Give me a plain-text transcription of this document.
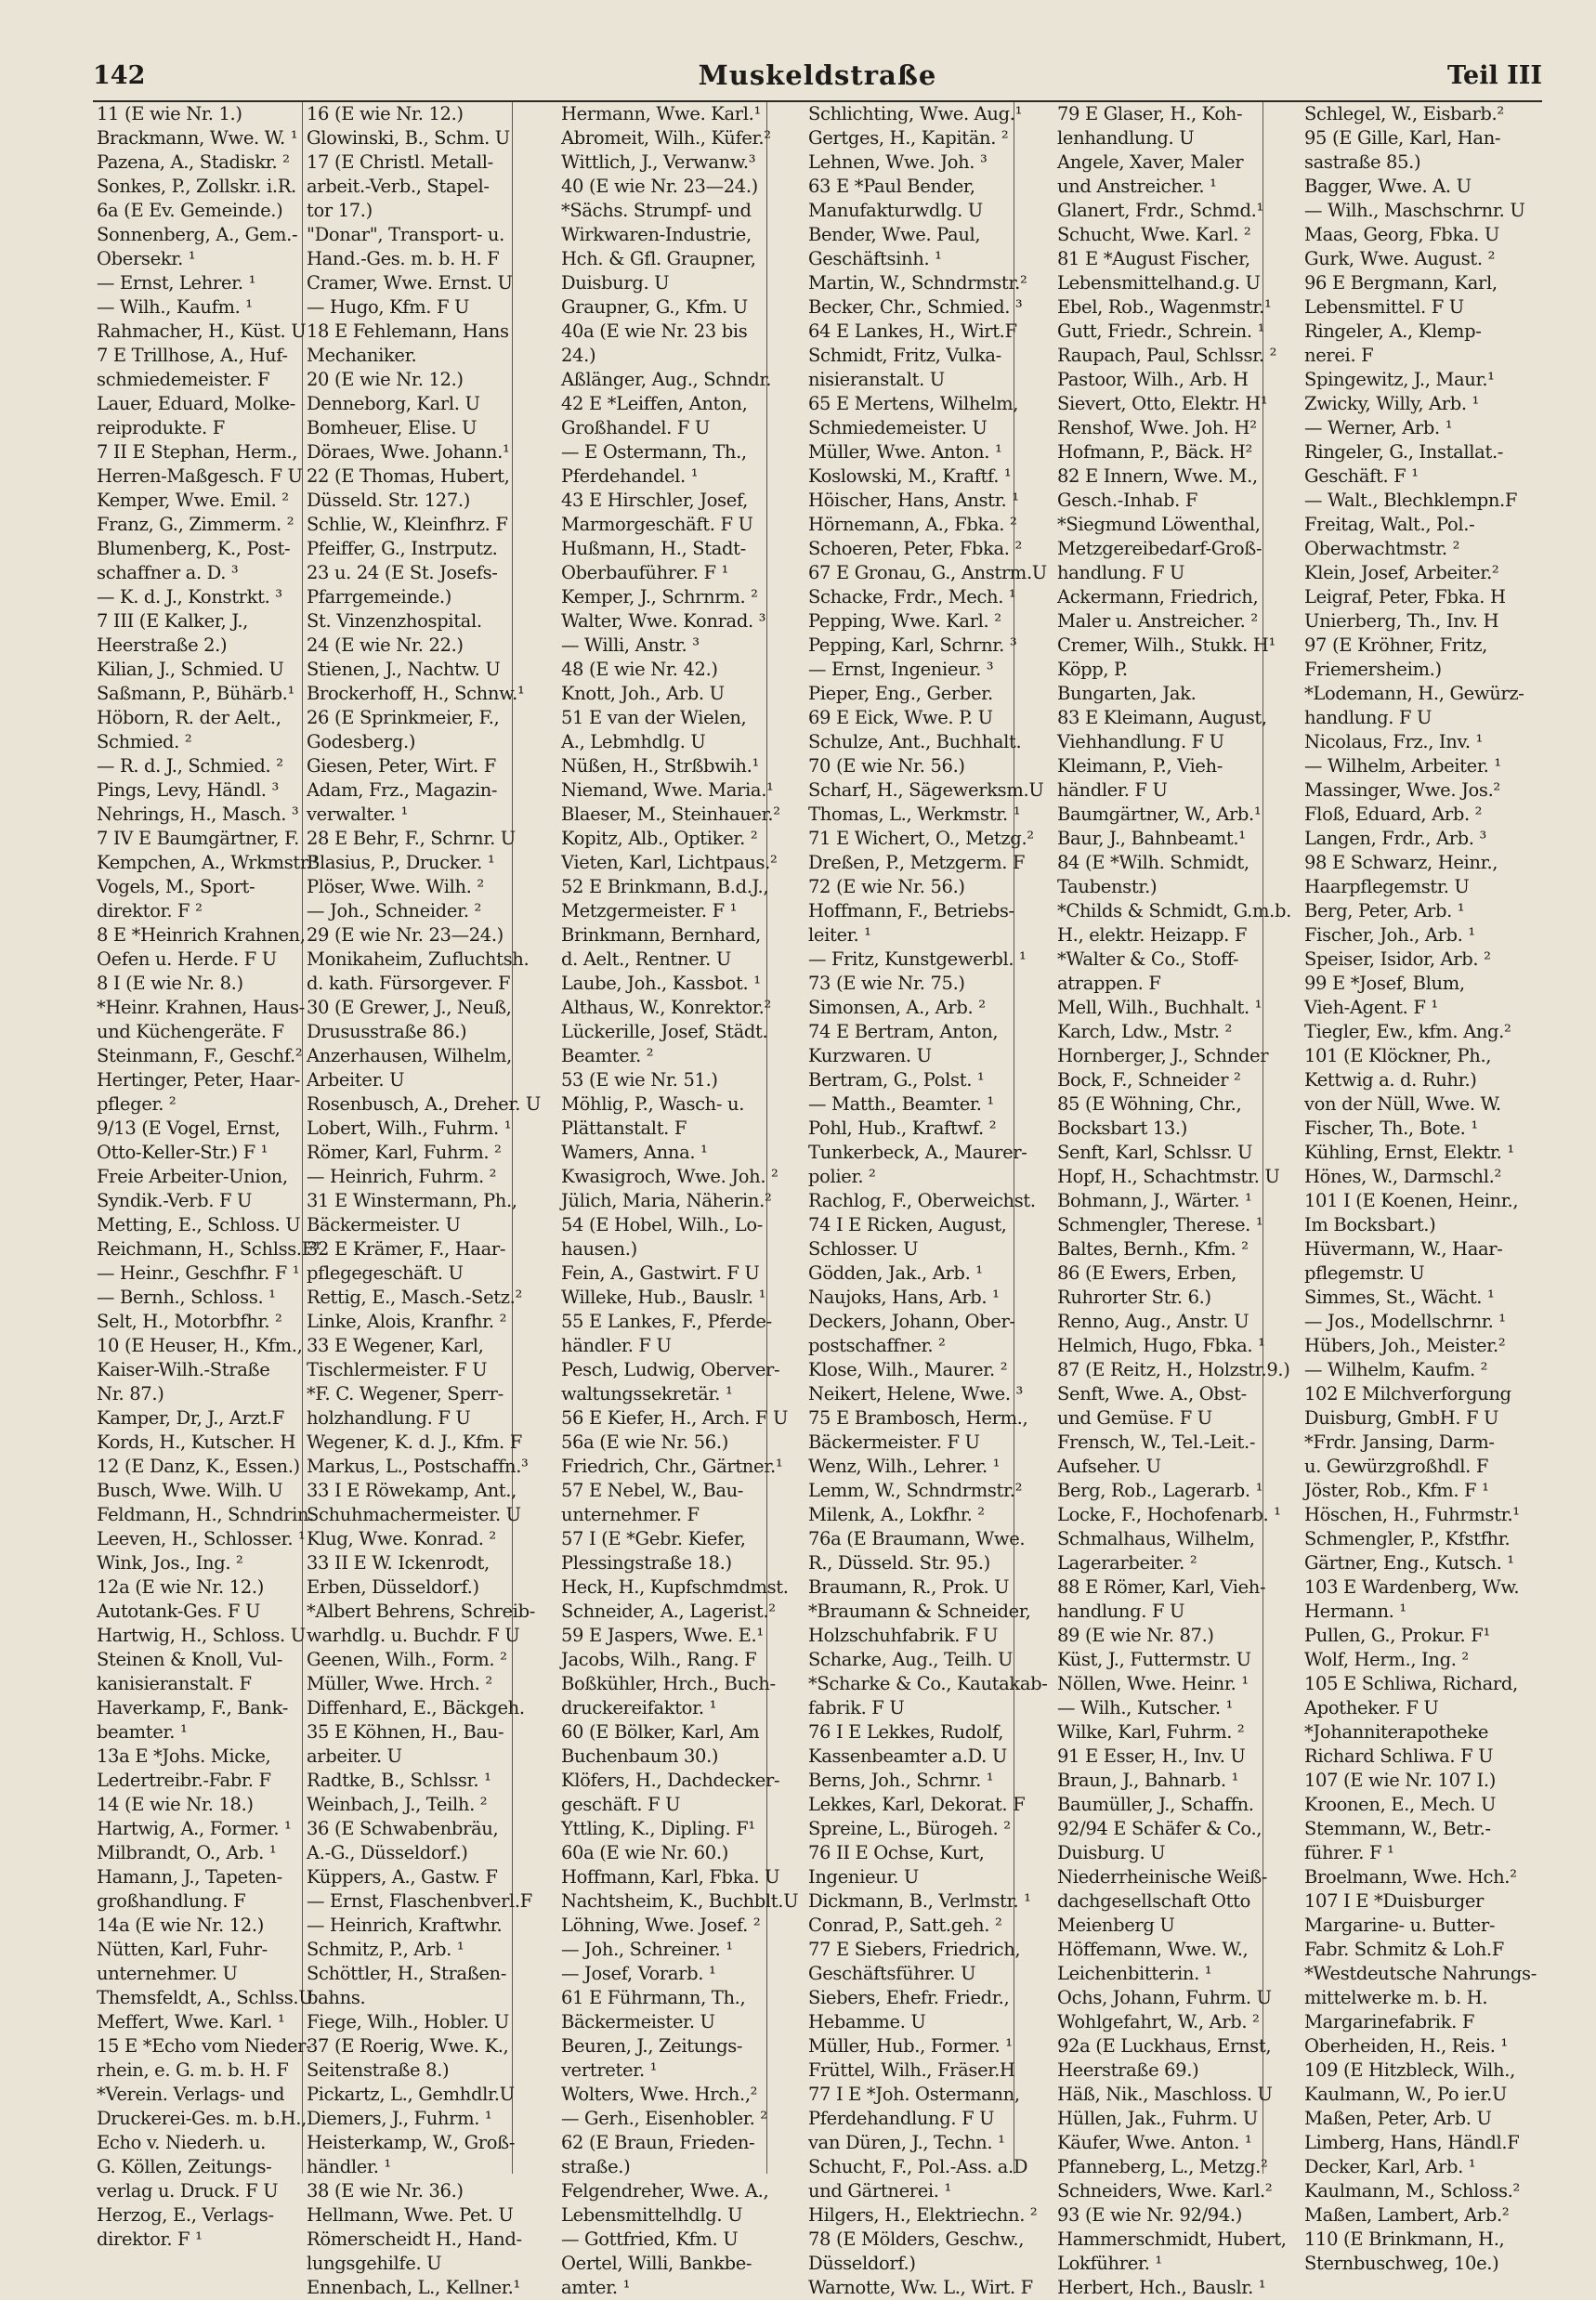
142	Muskeldstraße	Teil III
11 (E wie Nr. 1.)
Brackmann, Wwe. W. ¹
Pazena, A., Stadiskr. ²
Sonkes, P., Zollskr. i.R.
6a (E Ev. Gemeinde.)
Sonnenberg, A., Gem.-
Obersekr. ¹
— Ernst, Lehrer. ¹
— Wilh., Kaufm. ¹
Rahmacher, H., Küst. U
7 E Trillhose, A., Huf-
schmiedemeister. F
Lauer, Eduard, Molke-
reiprodukte. F
7 II E Stephan, Herm.,
Herren-Maßgesch. F U
Kemper, Wwe. Emil. ²
Franz, G., Zimmerm. ²
Blumenberg, K., Post-
schaffner a. D. ³
— K. d. J., Konstrkt. ³
7 III (E Kalker, J.,
Heerstraße 2.)
Kilian, J., Schmied. U
Saßmann, P., Bühärb.¹
Höborn, R. der Aelt.,
Schmied. ²
— R. d. J., Schmied. ²
Pings, Levy, Händl. ³
Nehrings, H., Masch. ³
7 IV E Baumgärtner, F.
Kempchen, A., Wrkmstr.¹
Vogels, M., Sport-
direktor. F ²
8 E *Heinrich Krahnen,
Oefen u. Herde. F U
8 I (E wie Nr. 8.)
*Heinr. Krahnen, Haus-
und Küchengeräte. F
Steinmann, F., Geschf.²
Hertinger, Peter, Haar-
pfleger. ²
9/13 (E Vogel, Ernst,
Otto-Keller-Str.) F ¹
Freie Arbeiter-Union,
Syndik.-Verb. F U
Metting, E., Schloss. U
Reichmann, H., Schlss.F¹
— Heinr., Geschfhr. F ¹
— Bernh., Schloss. ¹
Selt, H., Motorbfhr. ²
10 (E Heuser, H., Kfm.,
Kaiser-Wilh.-Straße
Nr. 87.)
Kamper, Dr, J., Arzt.F
Kords, H., Kutscher. H
12 (E Danz, K., Essen.)
Busch, Wwe. Wilh. U
Feldmann, H., Schndrin.
Leeven, H., Schlosser. ¹
Wink, Jos., Ing. ²
12a (E wie Nr. 12.)
Autotank-Ges. F U
Hartwig, H., Schloss. U
Steinen & Knoll, Vul-
kanisieranstalt. F
Haverkamp, F., Bank-
beamter. ¹
13a E *Johs. Micke,
Ledertreibr.-Fabr. F
14 (E wie Nr. 18.)
Hartwig, A., Former. ¹
Milbrandt, O., Arb. ¹
Hamann, J., Tapeten-
großhandlung. F
14a (E wie Nr. 12.)
Nütten, Karl, Fuhr-
unternehmer. U
Themsfeldt, A., Schlss.U
Meffert, Wwe. Karl. ¹
15 E *Echo vom Nieder-
rhein, e. G. m. b. H. F
*Verein. Verlags- und
Druckerei-Ges. m. b.H.,
Echo v. Niederh. u.
G. Köllen, Zeitungs-
verlag u. Druck. F U
Herzog, E., Verlags-
direktor. F ¹
16 (E wie Nr. 12.)
Glowinski, B., Schm. U
17 (E Christl. Metall-
arbeit.-Verb., Stapel-
tor 17.)
"Donar", Transport- u.
Hand.-Ges. m. b. H. F
Cramer, Wwe. Ernst. U
— Hugo, Kfm. F U
18 E Fehlemann, Hans
Mechaniker.
20 (E wie Nr. 12.)
Denneborg, Karl. U
Bomheuer, Elise. U
Döraes, Wwe. Johann.¹
22 (E Thomas, Hubert,
Düsseld. Str. 127.)
Schlie, W., Kleinfhrz. F
Pfeiffer, G., Instrputz.
23 u. 24 (E St. Josefs-
Pfarrgemeinde.)
St. Vinzenzhospital.
24 (E wie Nr. 22.)
Stienen, J., Nachtw. U
Brockerhoff, H., Schnw.¹
26 (E Sprinkmeier, F.,
Godesberg.)
Giesen, Peter, Wirt. F
Adam, Frz., Magazin-
verwalter. ¹
28 E Behr, F., Schrnr. U
Blasius, P., Drucker. ¹
Plöser, Wwe. Wilh. ²
— Joh., Schneider. ²
29 (E wie Nr. 23—24.)
Monikaheim, Zufluchtsh.
d. kath. Fürsorgever. F
30 (E Grewer, J., Neuß,
Drususstraße 86.)
Anzerhausen, Wilhelm,
Arbeiter. U
Rosenbusch, A., Dreher. U
Lobert, Wilh., Fuhrm. ¹
Römer, Karl, Fuhrm. ²
— Heinrich, Fuhrm. ²
31 E Winstermann, Ph.,
Bäckermeister. U
32 E Krämer, F., Haar-
pflegegeschäft. U
Rettig, E., Masch.-Setz.²
Linke, Alois, Kranfhr. ²
33 E Wegener, Karl,
Tischlermeister. F U
*F. C. Wegener, Sperr-
holzhandlung. F U
Wegener, K. d. J., Kfm. F
Markus, L., Postschaffn.³
33 I E Röwekamp, Ant.,
Schuhmachermeister. U
Klug, Wwe. Konrad. ²
33 II E W. Ickenrodt,
Erben, Düsseldorf.)
*Albert Behrens, Schreib-
warhdlg. u. Buchdr. F U
Geenen, Wilh., Form. ²
Müller, Wwe. Hrch. ²
Diffenhard, E., Bäckgeh.
35 E Köhnen, H., Bau-
arbeiter. U
Radtke, B., Schlssr. ¹
Weinbach, J., Teilh. ²
36 (E Schwabenbräu,
A.-G., Düsseldorf.)
Küppers, A., Gastw. F
— Ernst, Flaschenbverl.F
— Heinrich, Kraftwhr.
Schmitz, P., Arb. ¹
Schöttler, H., Straßen-
bahns.
Fiege, Wilh., Hobler. U
37 (E Roerig, Wwe. K.,
Seitenstraße 8.)
Pickartz, L., Gemhdlr.U
Diemers, J., Fuhrm. ¹
Heisterkamp, W., Groß-
händler. ¹
38 (E wie Nr. 36.)
Hellmann, Wwe. Pet. U
Römerscheidt H., Hand-
lungsgehilfe. U
Ennenbach, L., Kellner.¹
Hermann, Wwe. Karl.¹
Abromeit, Wilh., Küfer.²
Wittlich, J., Verwanw.³
40 (E wie Nr. 23—24.)
*Sächs. Strumpf- und
Wirkwaren-Industrie,
Hch. & Gfl. Graupner,
Duisburg. U
Graupner, G., Kfm. U
40a (E wie Nr. 23 bis
24.)
Aßlänger, Aug., Schndr.
42 E *Leiffen, Anton,
Großhandel. F U
— E Ostermann, Th.,
Pferdehandel. ¹
43 E Hirschler, Josef,
Marmorgeschäft. F U
Hußmann, H., Stadt-
Oberbauführer. F ¹
Kemper, J., Schrnrm. ²
Walter, Wwe. Konrad. ³
— Willi, Anstr. ³
48 (E wie Nr. 42.)
Knott, Joh., Arb. U
51 E van der Wielen,
A., Lebmhdlg. U
Nüßen, H., Strßbwih.¹
Niemand, Wwe. Maria.¹
Blaeser, M., Steinhauer.²
Kopitz, Alb., Optiker. ²
Vieten, Karl, Lichtpaus.²
52 E Brinkmann, B.d.J.,
Metzgermeister. F ¹
Brinkmann, Bernhard,
d. Aelt., Rentner. U
Laube, Joh., Kassbot. ¹
Althaus, W., Konrektor.²
Lückerille, Josef, Städt.
Beamter. ²
53 (E wie Nr. 51.)
Möhlig, P., Wasch- u.
Plättanstalt. F
Wamers, Anna. ¹
Kwasigroch, Wwe. Joh. ²
Jülich, Maria, Näherin.²
54 (E Hobel, Wilh., Lo-
hausen.)
Fein, A., Gastwirt. F U
Willeke, Hub., Bauslr. ¹
55 E Lankes, F., Pferde-
händler. F U
Pesch, Ludwig, Oberver-
waltungssekretär. ¹
56 E Kiefer, H., Arch. F U
56a (E wie Nr. 56.)
Friedrich, Chr., Gärtner.¹
57 E Nebel, W., Bau-
unternehmer. F
57 I (E *Gebr. Kiefer,
Plessingstraße 18.)
Heck, H., Kupfschmdmst.
Schneider, A., Lagerist.²
59 E Jaspers, Wwe. E.¹
Jacobs, Wilh., Rang. F
Boßkühler, Hrch., Buch-
druckereifaktor. ¹
60 (E Bölker, Karl, Am
Buchenbaum 30.)
Klöfers, H., Dachdecker-
geschäft. F U
Yttling, K., Dipling. F¹
60a (E wie Nr. 60.)
Hoffmann, Karl, Fbka. U
Nachtsheim, K., Buchblt.U
Löhning, Wwe. Josef. ²
— Joh., Schreiner. ¹
— Josef, Vorarb. ¹
61 E Führmann, Th.,
Bäckermeister. U
Beuren, J., Zeitungs-
vertreter. ¹
Wolters, Wwe. Hrch.,²
— Gerh., Eisenhobler. ²
62 (E Braun, Frieden-
straße.)
Felgendreher, Wwe. A.,
Lebensmittelhdlg. U
— Gottfried, Kfm. U
Oertel, Willi, Bankbe-
amter. ¹
Schlichting, Wwe. Aug.¹
Gertges, H., Kapitän. ²
Lehnen, Wwe. Joh. ³
63 E *Paul Bender,
Manufakturwdlg. U
Bender, Wwe. Paul,
Geschäftsinh. ¹
Martin, W., Schndrmstr.²
Becker, Chr., Schmied. ³
64 E Lankes, H., Wirt.F
Schmidt, Fritz, Vulka-
nisieranstalt. U
65 E Mertens, Wilhelm,
Schmiedemeister. U
Müller, Wwe. Anton. ¹
Koslowski, M., Kraftf. ¹
Höischer, Hans, Anstr. ¹
Hörnemann, A., Fbka. ²
Schoeren, Peter, Fbka. ²
67 E Gronau, G., Anstrm.U
Schacke, Frdr., Mech. ¹
Pepping, Wwe. Karl. ²
Pepping, Karl, Schrnr. ³
— Ernst, Ingenieur. ³
Pieper, Eng., Gerber.
69 E Eick, Wwe. P. U
Schulze, Ant., Buchhalt.
70 (E wie Nr. 56.)
Scharf, H., Sägewerksm.U
Thomas, L., Werkmstr. ¹
71 E Wichert, O., Metzg.²
Dreßen, P., Metzgerm. F
72 (E wie Nr. 56.)
Hoffmann, F., Betriebs-
leiter. ¹
— Fritz, Kunstgewerbl. ¹
73 (E wie Nr. 75.)
Simonsen, A., Arb. ²
74 E Bertram, Anton,
Kurzwaren. U
Bertram, G., Polst. ¹
— Matth., Beamter. ¹
Pohl, Hub., Kraftwf. ²
Tunkerbeck, A., Maurer-
polier. ²
Rachlog, F., Oberweichst.
74 I E Ricken, August,
Schlosser. U
Gödden, Jak., Arb. ¹
Naujoks, Hans, Arb. ¹
Deckers, Johann, Ober-
postschaffner. ²
Klose, Wilh., Maurer. ²
Neikert, Helene, Wwe. ³
75 E Brambosch, Herm.,
Bäckermeister. F U
Wenz, Wilh., Lehrer. ¹
Lemm, W., Schndrmstr.²
Milenk, A., Lokfhr. ²
76a (E Braumann, Wwe.
R., Düsseld. Str. 95.)
Braumann, R., Prok. U
*Braumann & Schneider,
Holzschuhfabrik. F U
Scharke, Aug., Teilh. U
*Scharke & Co., Kautakab-
fabrik. F U
76 I E Lekkes, Rudolf,
Kassenbeamter a.D. U
Berns, Joh., Schrnr. ¹
Lekkes, Karl, Dekorat. F
Spreine, L., Bürogeh. ²
76 II E Ochse, Kurt,
Ingenieur. U
Dickmann, B., Verlmstr. ¹
Conrad, P., Satt.geh. ²
77 E Siebers, Friedrich,
Geschäftsführer. U
Siebers, Ehefr. Friedr.,
Hebamme. U
Müller, Hub., Former. ¹
Früttel, Wilh., Fräser.H
77 I E *Joh. Ostermann,
Pferdehandlung. F U
van Düren, J., Techn. ¹
Schucht, F., Pol.-Ass. a.D
und Gärtnerei. ¹
Hilgers, H., Elektriechn. ²
78 (E Mölders, Geschw.,
Düsseldorf.)
Warnotte, Ww. L., Wirt. F
79 E Glaser, H., Koh-
lenhandlung. U
Angele, Xaver, Maler
und Anstreicher. ¹
Glanert, Frdr., Schmd.¹
Schucht, Wwe. Karl. ²
81 E *August Fischer,
Lebensmittelhand.g. U
Ebel, Rob., Wagenmstr.¹
Gutt, Friedr., Schrein. ¹
Raupach, Paul, Schlssr. ²
Pastoor, Wilh., Arb. H
Sievert, Otto, Elektr. H¹
Renshof, Wwe. Joh. H²
Hofmann, P., Bäck. H²
82 E Innern, Wwe. M.,
Gesch.-Inhab. F
*Siegmund Löwenthal,
Metzgereibedarf-Groß-
handlung. F U
Ackermann, Friedrich,
Maler u. Anstreicher. ²
Cremer, Wilh., Stukk. H¹
Köpp, P.
Bungarten, Jak.
83 E Kleimann, August,
Viehhandlung. F U
Kleimann, P., Vieh-
händler. F U
Baumgärtner, W., Arb.¹
Baur, J., Bahnbeamt.¹
84 (E *Wilh. Schmidt,
Taubenstr.)
*Childs & Schmidt, G.m.b.
H., elektr. Heizapp. F
*Walter & Co., Stoff-
atrappen. F
Mell, Wilh., Buchhalt. ¹
Karch, Ldw., Mstr. ²
Hornberger, J., Schnder
Bock, F., Schneider ²
85 (E Wöhning, Chr.,
Bocksbart 13.)
Senft, Karl, Schlssr. U
Hopf, H., Schachtmstr. U
Bohmann, J., Wärter. ¹
Schmengler, Therese. ¹
Baltes, Bernh., Kfm. ²
86 (E Ewers, Erben,
Ruhrorter Str. 6.)
Renno, Aug., Anstr. U
Helmich, Hugo, Fbka. ¹
87 (E Reitz, H., Holzstr.9.)
Senft, Wwe. A., Obst-
und Gemüse. F U
Frensch, W., Tel.-Leit.-
Aufseher. U
Berg, Rob., Lagerarb. ¹
Locke, F., Hochofenarb. ¹
Schmalhaus, Wilhelm,
Lagerarbeiter. ²
88 E Römer, Karl, Vieh-
handlung. F U
89 (E wie Nr. 87.)
Küst, J., Futtermstr. U
Nöllen, Wwe. Heinr. ¹
— Wilh., Kutscher. ¹
Wilke, Karl, Fuhrm. ²
91 E Esser, H., Inv. U
Braun, J., Bahnarb. ¹
Baumüller, J., Schaffn.
92/94 E Schäfer & Co.,
Duisburg. U
Niederrheinische Weiß-
dachgesellschaft Otto
Meienberg U
Höffemann, Wwe. W.,
Leichenbitterin. ¹
Ochs, Johann, Fuhrm. U
Wohlgefahrt, W., Arb. ²
92a (E Luckhaus, Ernst,
Heerstraße 69.)
Häß, Nik., Maschloss. U
Hüllen, Jak., Fuhrm. U
Käufer, Wwe. Anton. ¹
Pfanneberg, L., Metzg.²
Schneiders, Wwe. Karl.²
93 (E wie Nr. 92/94.)
Hammerschmidt, Hubert,
Lokführer. ¹
Herbert, Hch., Bauslr. ¹
Schlegel, W., Eisbarb.²
95 (E Gille, Karl, Han-
sastraße 85.)
Bagger, Wwe. A. U
— Wilh., Maschschrnr. U
Maas, Georg, Fbka. U
Gurk, Wwe. August. ²
96 E Bergmann, Karl,
Lebensmittel. F U
Ringeler, A., Klemp-
nerei. F
Spingewitz, J., Maur.¹
Zwicky, Willy, Arb. ¹
— Werner, Arb. ¹
Ringeler, G., Installat.-
Geschäft. F ¹
— Walt., Blechklempn.F
Freitag, Walt., Pol.-
Oberwachtmstr. ²
Klein, Josef, Arbeiter.²
Leigraf, Peter, Fbka. H
Unierberg, Th., Inv. H
97 (E Kröhner, Fritz,
Friemersheim.)
*Lodemann, H., Gewürz-
handlung. F U
Nicolaus, Frz., Inv. ¹
— Wilhelm, Arbeiter. ¹
Massinger, Wwe. Jos.²
Floß, Eduard, Arb. ²
Langen, Frdr., Arb. ³
98 E Schwarz, Heinr.,
Haarpflegemstr. U
Berg, Peter, Arb. ¹
Fischer, Joh., Arb. ¹
Speiser, Isidor, Arb. ²
99 E *Josef, Blum,
Vieh-Agent. F ¹
Tiegler, Ew., kfm. Ang.²
101 (E Klöckner, Ph.,
Kettwig a. d. Ruhr.)
von der Nüll, Wwe. W.
Fischer, Th., Bote. ¹
Kühling, Ernst, Elektr. ¹
Hönes, W., Darmschl.²
101 I (E Koenen, Heinr.,
Im Bocksbart.)
Hüvermann, W., Haar-
pflegemstr. U
Simmes, St., Wächt. ¹
— Jos., Modellschrnr. ¹
Hübers, Joh., Meister.²
— Wilhelm, Kaufm. ²
102 E Milchverforgung
Duisburg, GmbH. F U
*Frdr. Jansing, Darm-
u. Gewürzgroßhdl. F
Jöster, Rob., Kfm. F ¹
Höschen, H., Fuhrmstr.¹
Schmengler, P., Kfstfhr.
Gärtner, Eng., Kutsch. ¹
103 E Wardenberg, Ww.
Hermann. ¹
Pullen, G., Prokur. F¹
Wolf, Herm., Ing. ²
105 E Schliwa, Richard,
Apotheker. F U
*Johanniterapotheke
Richard Schliwa. F U
107 (E wie Nr. 107 I.)
Kroonen, E., Mech. U
Stemmann, W., Betr.-
führer. F ¹
Broelmann, Wwe. Hch.²
107 I E *Duisburger
Margarine- u. Butter-
Fabr. Schmitz & Loh.F
*Westdeutsche Nahrungs-
mittelwerke m. b. H.
Margarinefabrik. F
Oberheiden, H., Reis. ¹
109 (E Hitzbleck, Wilh.,
Kaulmann, W., Po ier.U
Maßen, Peter, Arb. U
Limberg, Hans, Händl.F
Decker, Karl, Arb. ¹
Kaulmann, M., Schloss.²
Maßen, Lambert, Arb.²
110 (E Brinkmann, H.,
Sternbuschweg, 10e.)
